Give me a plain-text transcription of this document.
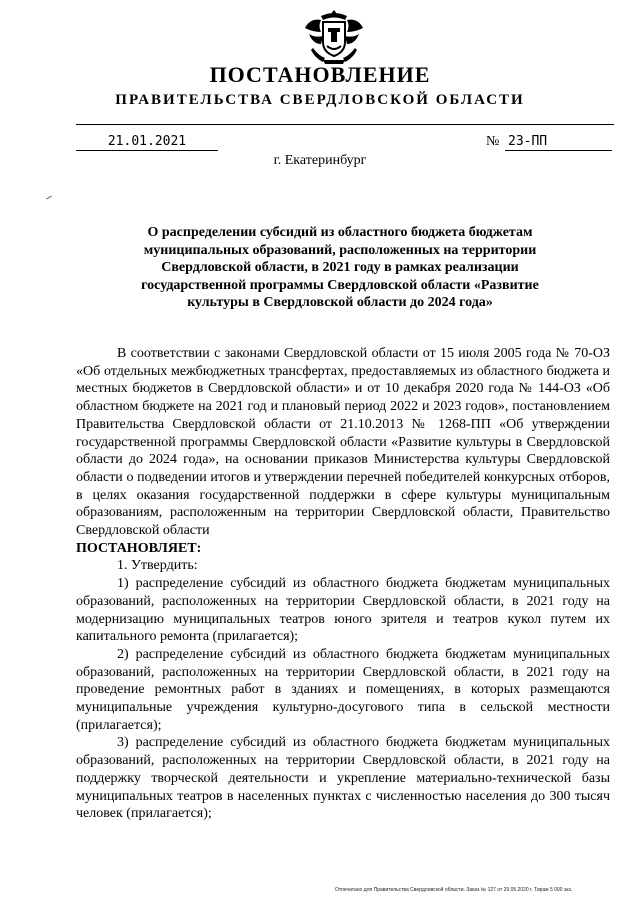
ПОСТАНОВЛЕНИЕ
ПРАВИТЕЛЬСТВА СВЕРДЛОВСКОЙ ОБЛАСТИ
21.01.2021	№ 23-ПП
г. Екатеринбург
О распределении субсидий из областного бюджета бюджетам муниципальных образований, расположенных на территории Свердловской области, в 2021 году в рамках реализации государственной программы Свердловской области «Развитие культуры в Свердловской области до 2024 года»

В соответствии с законами Свердловской области от 15 июля 2005 года № 70-ОЗ «Об отдельных межбюджетных трансфертах, предоставляемых из областного бюджета и местных бюджетов в Свердловской области» и от 10 декабря 2020 года № 144-ОЗ «Об областном бюджете на 2021 год и плановый период 2022 и 2023 годов», постановлением Правительства Свердловской области от 21.10.2013 № 1268-ПП «Об утверждении государственной программы Свердловской области «Развитие культуры в Свердловской области до 2024 года», на основании приказов Министерства культуры Свердловской области о подведении итогов и утверждении перечней победителей конкурсных отборов, в целях оказания государственной поддержки в сфере культуры муниципальным образованиям, расположенным на территории Свердловской области, Правительство Свердловской области

ПОСТАНОВЛЯЕТ:

1. Утвердить:

1) распределение субсидий из областного бюджета бюджетам муниципальных образований, расположенных на территории Свердловской области, в 2021 году на модернизацию муниципальных театров юного зрителя и театров кукол путем их капитального ремонта (прилагается);

2) распределение субсидий из областного бюджета бюджетам муниципальных образований, расположенных на территории Свердловской области, в 2021 году на проведение ремонтных работ в зданиях и помещениях, в которых размещаются муниципальные учреждения культурно-досугового типа в сельской местности (прилагается);

3) распределение субсидий из областного бюджета бюджетам муниципальных образований, расположенных на территории Свердловской области, в 2021 году на поддержку творческой деятельности и укрепление материально-технической базы муниципальных театров в населенных пунктах с численностью населения до 300 тысяч человек (прилагается);

Отпечатано для Правительства Свердловской области. Заказ № 127 от 29.05.2020 г. Тираж 5 000 экз.
